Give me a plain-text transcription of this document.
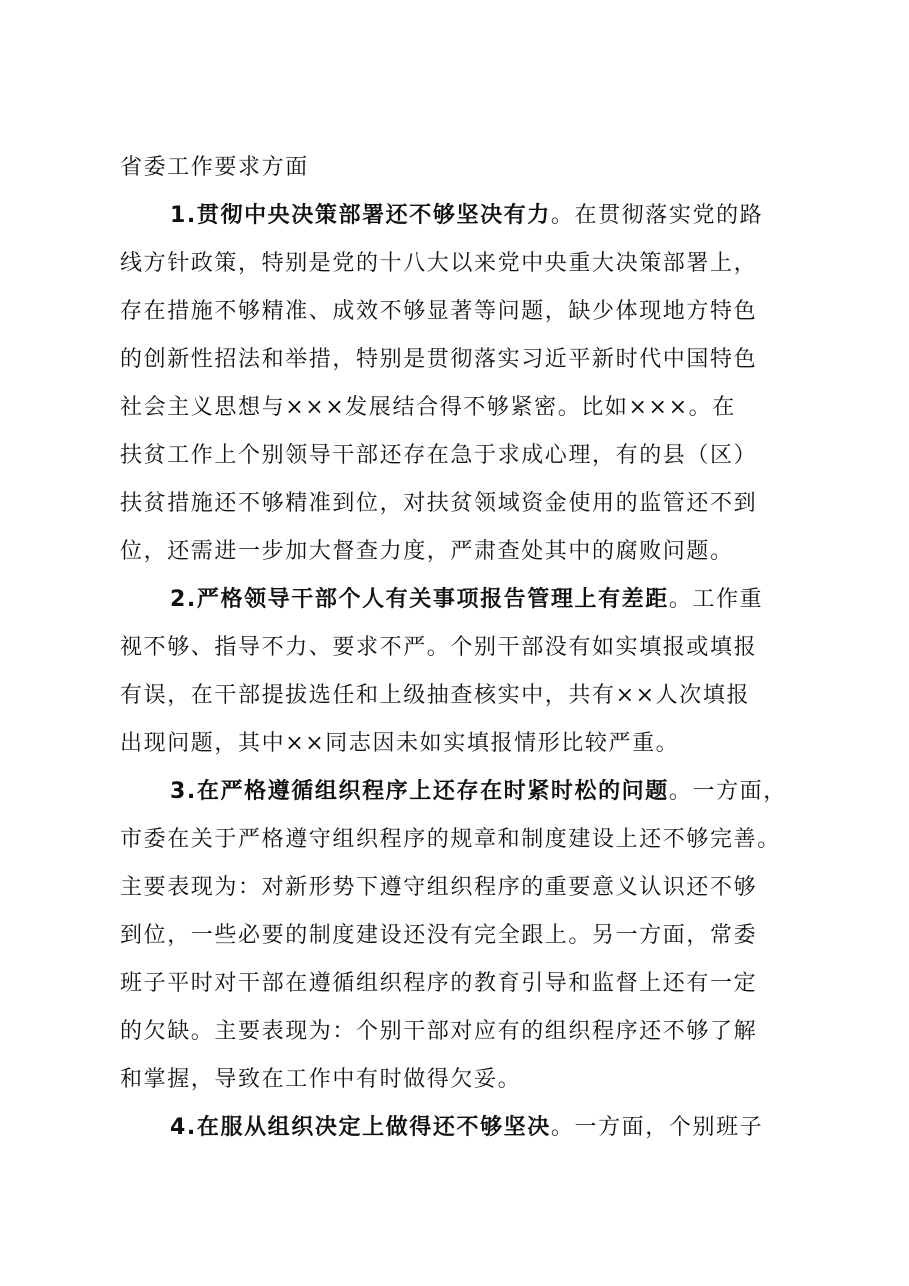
省委工作要求方面
1.贯彻中央决策部署还不够坚决有力。在贯彻落实党的路
线方针政策，特别是党的十八大以来党中央重大决策部署上，
存在措施不够精准、成效不够显著等问题，缺少体现地方特色
的创新性招法和举措，特别是贯彻落实习近平新时代中国特色
社会主义思想与×××发展结合得不够紧密。比如×××。在
扶贫工作上个别领导干部还存在急于求成心理，有的县（区）
扶贫措施还不够精准到位，对扶贫领域资金使用的监管还不到
位，还需进一步加大督查力度，严肃查处其中的腐败问题。
2.严格领导干部个人有关事项报告管理上有差距。工作重
视不够、指导不力、要求不严。个别干部没有如实填报或填报
有误，在干部提拔选任和上级抽查核实中，共有××人次填报
出现问题，其中××同志因未如实填报情形比较严重。
3.在严格遵循组织程序上还存在时紧时松的问题。一方面，
市委在关于严格遵守组织程序的规章和制度建设上还不够完善。
主要表现为：对新形势下遵守组织程序的重要意义认识还不够
到位，一些必要的制度建设还没有完全跟上。另一方面，常委
班子平时对干部在遵循组织程序的教育引导和监督上还有一定
的欠缺。主要表现为：个别干部对应有的组织程序还不够了解
和掌握，导致在工作中有时做得欠妥。
4.在服从组织决定上做得还不够坚决。一方面，个别班子
